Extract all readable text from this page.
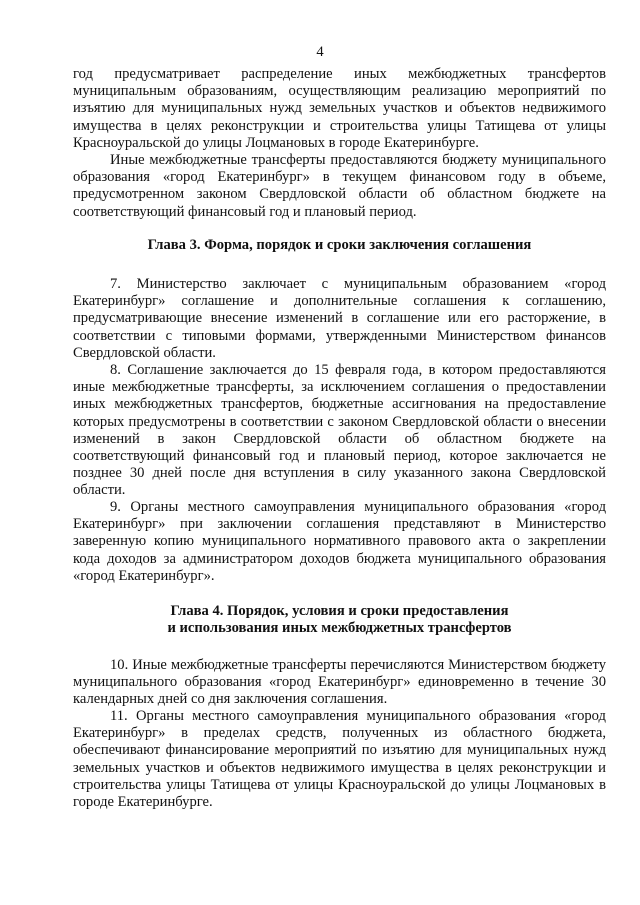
4

год предусматривает распределение иных межбюджетных трансфертов муниципальным образованиям, осуществляющим реализацию мероприятий по изъятию для муниципальных нужд земельных участков и объектов недвижимого имущества в целях реконструкции и строительства улицы Татищева от улицы Красноуральской до улицы Лоцмановых в городе Екатеринбурге.

Иные межбюджетные трансферты предоставляются бюджету муниципального образования «город Екатеринбург» в текущем финансовом году в объеме, предусмотренном законом Свердловской области об областном бюджете на соответствующий финансовый год и плановый период.

Глава 3. Форма, порядок и сроки заключения соглашения

7. Министерство заключает с муниципальным образованием «город Екатеринбург» соглашение и дополнительные соглашения к соглашению, предусматривающие внесение изменений в соглашение или его расторжение, в соответствии с типовыми формами, утвержденными Министерством финансов Свердловской области.

8. Соглашение заключается до 15 февраля года, в котором предоставляются иные межбюджетные трансферты, за исключением соглашения о предоставлении иных межбюджетных трансфертов, бюджетные ассигнования на предоставление которых предусмотрены в соответствии с законом Свердловской области о внесении изменений в закон Свердловской области об областном бюджете на соответствующий финансовый год и плановый период, которое заключается не позднее 30 дней после дня вступления в силу указанного закона Свердловской области.

9. Органы местного самоуправления муниципального образования «город Екатеринбург» при заключении соглашения представляют в Министерство заверенную копию муниципального нормативного правового акта о закреплении кода доходов за администратором доходов бюджета муниципального образования «город Екатеринбург».

Глава 4. Порядок, условия и сроки предоставления
и использования иных межбюджетных трансфертов

10. Иные межбюджетные трансферты перечисляются Министерством бюджету муниципального образования «город Екатеринбург» единовременно в течение 30 календарных дней со дня заключения соглашения.

11. Органы местного самоуправления муниципального образования «город Екатеринбург» в пределах средств, полученных из областного бюджета, обеспечивают финансирование мероприятий по изъятию для муниципальных нужд земельных участков и объектов недвижимого имущества в целях реконструкции и строительства улицы Татищева от улицы Красноуральской до улицы Лоцмановых в городе Екатеринбурге.
